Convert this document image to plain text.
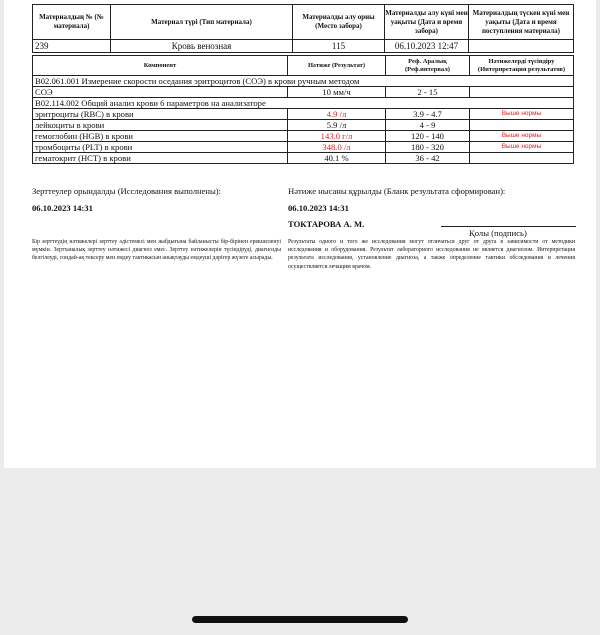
Материалдың № (№ материала)	Материал түрі (Тип материала)	Материалды алу орны (Место забора)	Материалды алу күні мен уақыты (Дата и время забора)	Материалдың түскен күні мен уақыты (Дата и время поступления материала)
239	Кровь венозная	115	06.10.2023 12:47	
Компонент	Нәтиже (Результат)	Реф. Аралық (Реф.интервал)	Нәтижелерді түсіндіру (Интерпретация результатов)
B02.061.001 Измерение скорости оседания эритроцитов (СОЭ) в крови ручным методом			
СОЭ	10 мм/ч	2 - 15	
B02.114.002 Общий анализ крови 6 параметров на анализаторе			
эритроциты (RBC) в крови	4.9 /л	3.9 - 4.7	Выше нормы
лейкоциты в крови	5.9 /л	4 - 9	
гемоглобин (HGB) в крови	143.0 г/л	120 - 140	Выше нормы
тромбоциты (PLT) в крови	348.0 /л	180 - 320	Выше нормы
гематокрит (HCT) в крови	40.1 %	36 - 42	
Зерттеулер орындалды (Исследования выполнены):
06.10.2023 14:31
Нәтиже нысаны құрылды (Бланк результата сформирован):
06.10.2023 14:31
ТОКТАРОВА А. М.
Қолы (подпись)
Бір зерттеудің нәтижелері зерттеу әдістемесі мен жабдығына байланысты бір-бірінен ерекшеленуі мүмкін. Зертханалық зерттеу нәтижесі диагноз емес. Зерттеу нәтижелерін түсіндіруді, диагнозды белгілеуді, сондай-ақ тексеру мен емдеу тактикасын анықтауды емдеуші дәрігер жүзеге асырады.
Результаты одного и того же исследования могут отличаться друг от друга в зависимости от методики исследования и оборудования. Результат лабораторного исследования не является диагнозом. Интерпретация результата исследования, установление диагноза, а также определение тактики обследования и лечения осуществляется лечащим врачом.
